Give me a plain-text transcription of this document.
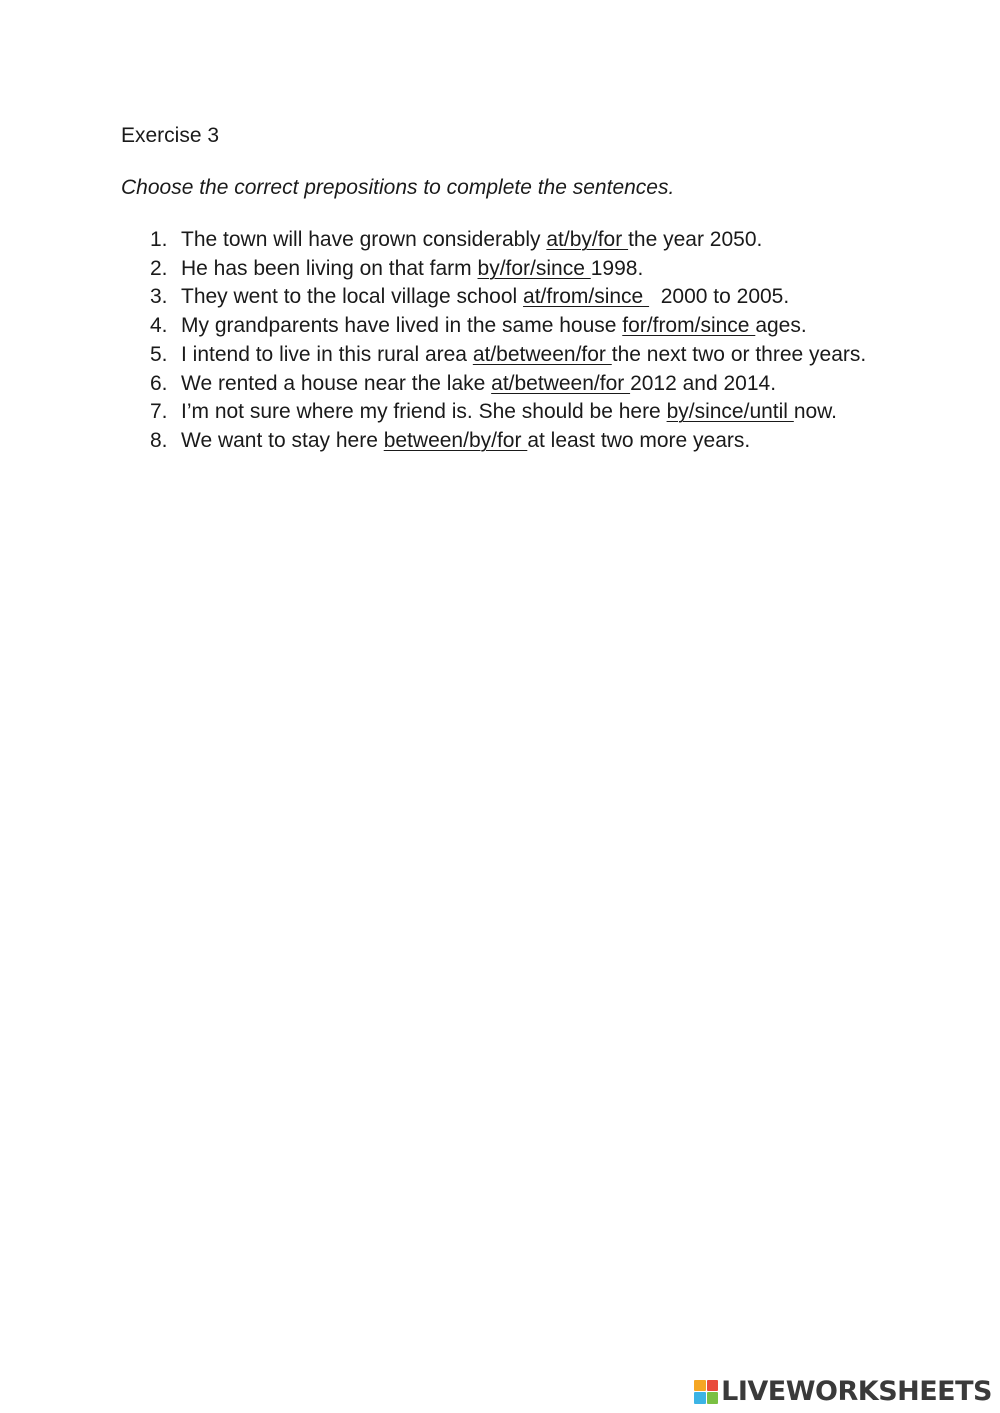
Exercise 3
Choose the correct prepositions to complete the sentences.
1. The town will have grown considerably at/by/for the year 2050.
2. He has been living on that farm by/for/since 1998.
3. They went to the local village school at/from/since   2000 to 2005.
4. My grandparents have lived in the same house for/from/since ages.
5. I intend to live in this rural area at/between/for the next two or three years.
6. We rented a house near the lake at/between/for 2012 and 2014.
7. I’m not sure where my friend is. She should be here by/since/until now.
8. We want to stay here between/by/for at least two more years.
LIVEWORKSHEETS
